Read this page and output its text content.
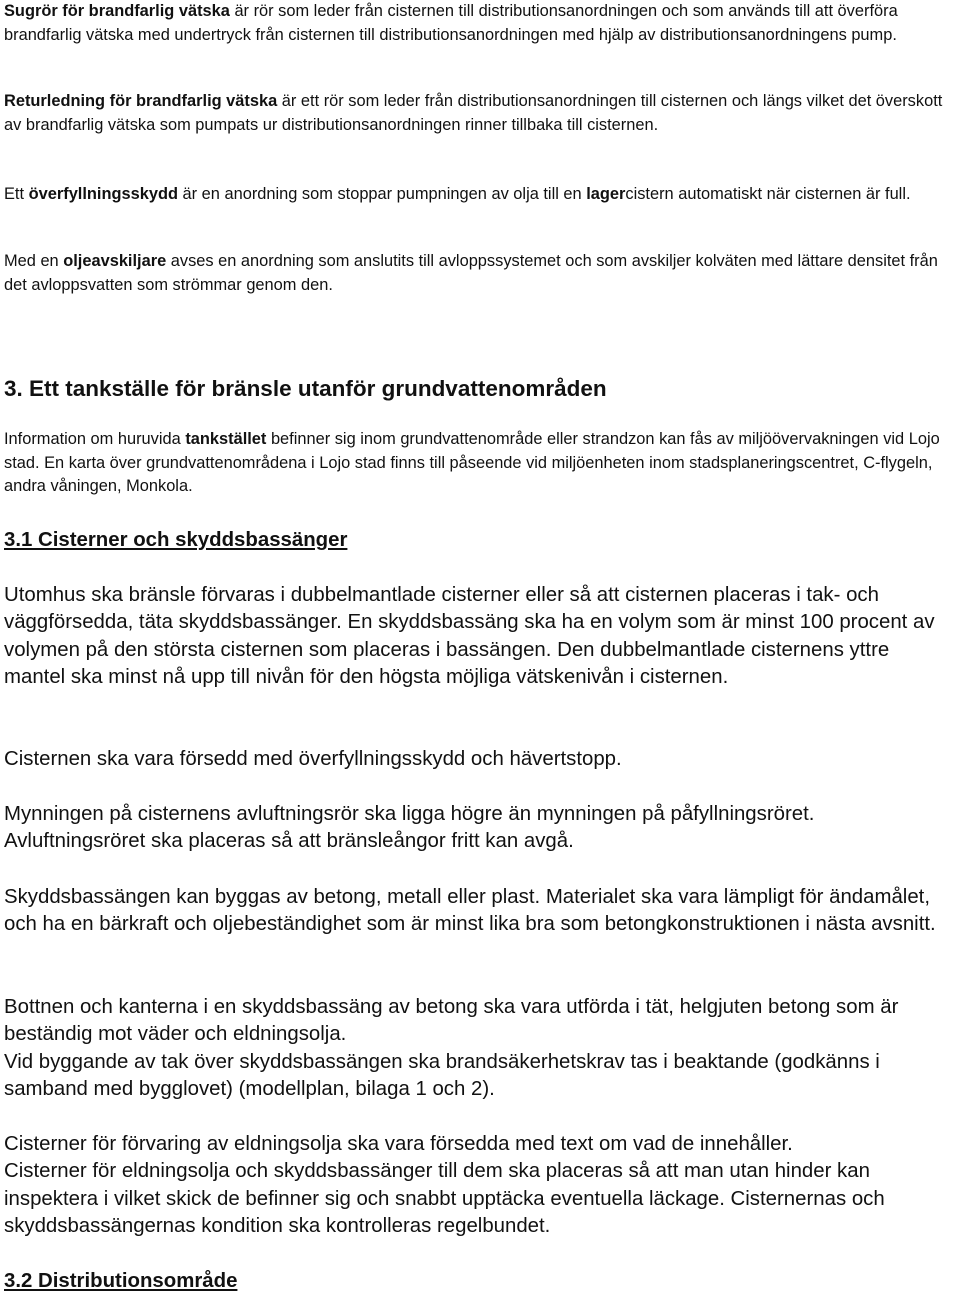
Sugrör för brandfarlig vätska är rör som leder från cisternen till distributionsanordningen och som används till att överföra brandfarlig vätska med undertryck från cisternen till distributionsanordningen med hjälp av distributionsanordningens pump.

Returledning för brandfarlig vätska är ett rör som leder från distributionsanordningen till cisternen och längs vilket det överskott av brandfarlig vätska som pumpats ur distributionsanordningen rinner tillbaka till cisternen.

Ett överfyllningsskydd är en anordning som stoppar pumpningen av olja till en lagercistern automatiskt när cisternen är full.

Med en oljeavskiljare avses en anordning som anslutits till avloppssystemet och som avskiljer kolväten med lättare densitet från det avloppsvatten som strömmar genom den.

3. Ett tankställe för bränsle utanför grundvattenområden

Information om huruvida tankstället befinner sig inom grundvattenområde eller strandzon kan fås av miljöövervakningen vid Lojo stad. En karta över grundvattenområdena i Lojo stad finns till påseende vid miljöenheten inom stadsplaneringscentret, C-flygeln, andra våningen, Monkola.

3.1 Cisterner och skyddsbassänger

Utomhus ska bränsle förvaras i dubbelmantlade cisterner eller så att cisternen placeras i tak- och väggförsedda, täta skyddsbassänger. En skyddsbassäng ska ha en volym som är minst 100 procent av volymen på den största cisternen som placeras i bassängen. Den dubbelmantlade cisternens yttre mantel ska minst nå upp till nivån för den högsta möjliga vätskenivån i cisternen.

Cisternen ska vara försedd med överfyllningsskydd och hävertstopp.

Mynningen på cisternens avluftningsrör ska ligga högre än mynningen på påfyllningsröret.

Avluftningsröret ska placeras så att bränsleångor fritt kan avgå.

Skyddsbassängen kan byggas av betong, metall eller plast. Materialet ska vara lämpligt för ändamålet, och ha en bärkraft och oljebeständighet som är minst lika bra som betongkonstruktionen i nästa avsnitt.

Bottnen och kanterna i en skyddsbassäng av betong ska vara utförda i tät, helgjuten betong som är beständig mot väder och eldningsolja.

Vid byggande av tak över skyddsbassängen ska brandsäkerhetskrav tas i beaktande (godkänns i samband med bygglovet) (modellplan, bilaga 1 och 2).

Cisterner för förvaring av eldningsolja ska vara försedda med text om vad de innehåller.

Cisterner för eldningsolja och skyddsbassänger till dem ska placeras så att man utan hinder kan inspektera i vilket skick de befinner sig och snabbt upptäcka eventuella läckage. Cisternernas och skyddsbassängernas kondition ska kontrolleras regelbundet.

3.2 Distributionsområde
